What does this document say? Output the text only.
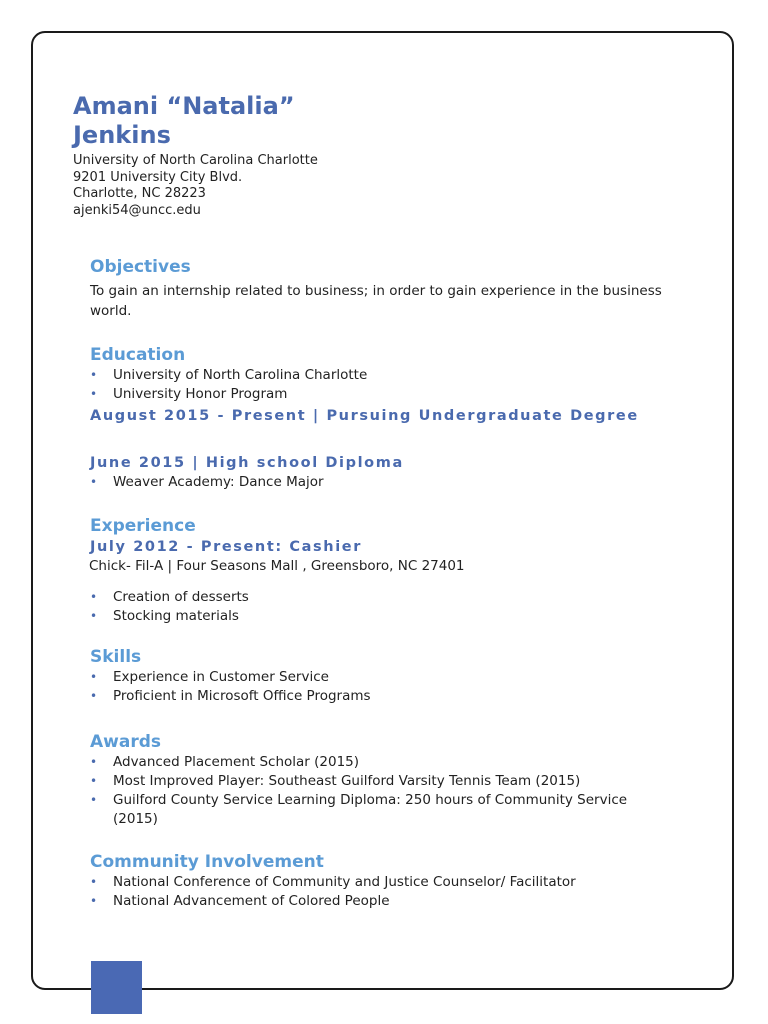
Amani “Natalia”
Jenkins
University of North Carolina Charlotte
9201 University City Blvd.
Charlotte, NC 28223
ajenki54@uncc.edu
Objectives

To gain an internship related to business; in order to gain experience in the business world.

Education
• University of North Carolina Charlotte
• University Honor Program
August 2015 - Present | Pursuing Undergraduate Degree
June 2015 | High school Diploma
• Weaver Academy: Dance Major
Experience
July 2012 - Present: Cashier
Chick- Fil-A | Four Seasons Mall , Greensboro, NC 27401
• Creation of desserts
• Stocking materials
Skills
• Experience in Customer Service
• Proficient in Microsoft Office Programs
Awards
• Advanced Placement Scholar (2015)
• Most Improved Player: Southeast Guilford Varsity Tennis Team (2015)
• Guilford County Service Learning Diploma: 250 hours of Community Service (2015)
Community Involvement
• National Conference of Community and Justice Counselor/ Facilitator
• National Advancement of Colored People
